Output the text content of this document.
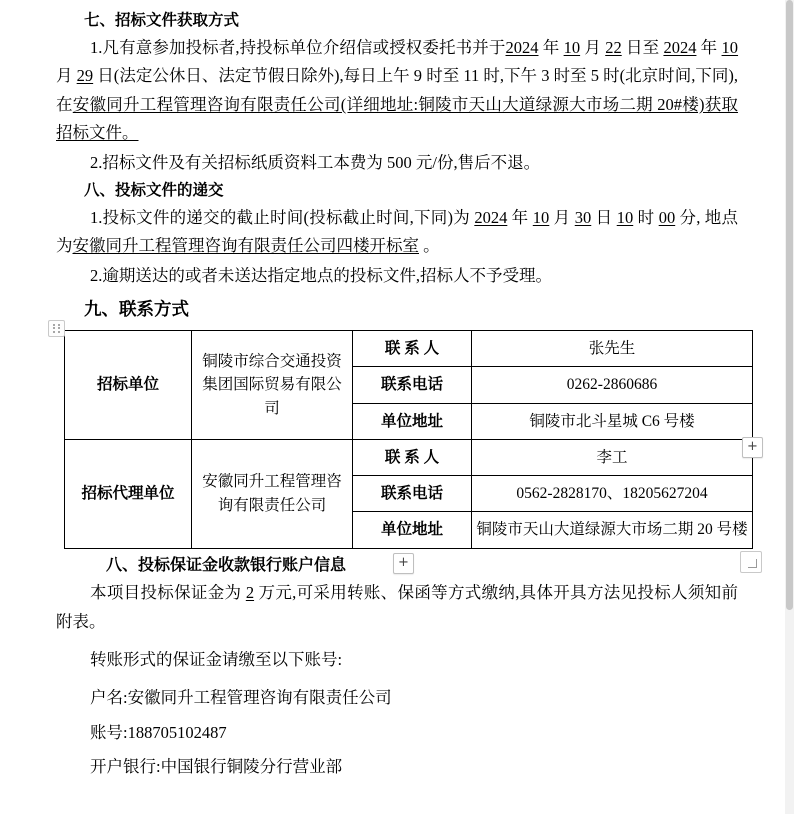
七、招标文件获取方式

1.凡有意参加投标者,持投标单位介绍信或授权委托书并于2024 年 10 月 22 日至 2024 年 10 月 29 日(法定公休日、法定节假日除外),每日上午 9 时至 11 时,下午 3 时至 5 时(北京时间,下同),在安徽同升工程管理咨询有限责任公司(详细地址:铜陵市天山大道绿源大市场二期 20#楼)获取招标文件。

2.招标文件及有关招标纸质资料工本费为 500 元/份,售后不退。

八、投标文件的递交

1.投标文件的递交的截止时间(投标截止时间,下同)为 2024 年 10 月 30 日 10 时 00 分, 地点为安徽同升工程管理咨询有限责任公司四楼开标室 。

2.逾期送达的或者未送达指定地点的投标文件,招标人不予受理。

九、联系方式
招标单位	铜陵市综合交通投资集团国际贸易有限公司	联 系 人	张先生
		联系电话	0262-2860686
		单位地址	铜陵市北斗星城 C6 号楼
招标代理单位	安徽同升工程管理咨询有限责任公司	联 系 人	李工
		联系电话	0562-2828170、18205627204
		单位地址	铜陵市天山大道绿源大市场二期 20 号楼
八、投标保证金收款银行账户信息

本项目投标保证金为 2 万元,可采用转账、保函等方式缴纳,具体开具方法见投标人须知前附表。

转账形式的保证金请缴至以下账号:

户名:安徽同升工程管理咨询有限责任公司

账号:188705102487

开户银行:中国银行铜陵分行营业部

+
+
